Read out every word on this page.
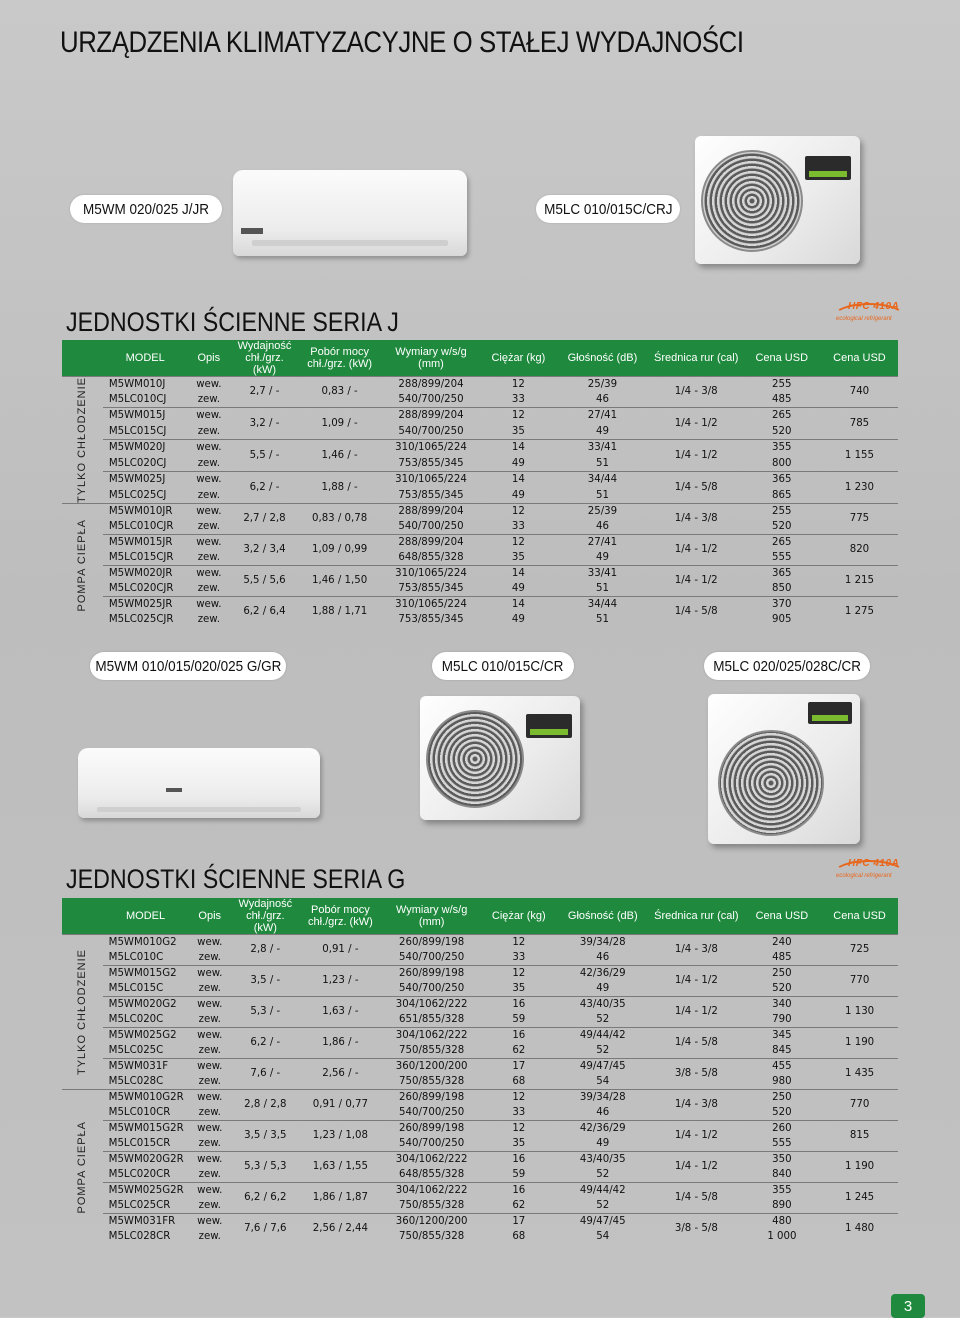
URZĄDZENIA KLIMATYZACYJNE O STAŁEJ WYDAJNOŚCI
M5WM 020/025 J/JR	M5LC 010/015C/CRJ
JEDNOSTKI ŚCIENNE SERIA J
HFC 410A
ecological refrigerant
	MODEL	Opis	Wydajność chł./grz. (kW)	Pobór mocy chł./grz. (kW)	Wymiary w/s/g (mm)	Ciężar (kg)	Głośność (dB)	Średnica rur (cal)	Cena USD	Cena USD

TYLKO CHŁODZENIE	M5WM010J	wew.	2,7 / -	0,83 / -	288/899/204	12	25/39	1/4 - 3/8	255	740
	M5LC010CJ	zew.			540/700/250	33	46		485	
	M5WM015J	wew.	3,2 / -	1,09 / -	288/899/204	12	27/41	1/4 - 1/2	265	785
	M5LC015CJ	zew.			540/700/250	35	49		520	
	M5WM020J	wew.	5,5 / -	1,46 / -	310/1065/224	14	33/41	1/4 - 1/2	355	1 155
	M5LC020CJ	zew.			753/855/345	49	51		800	
	M5WM025J	wew.	6,2 / -	1,88 / -	310/1065/224	14	34/44	1/4 - 5/8	365	1 230
	M5LC025CJ	zew.			753/855/345	49	51		865	

POMPA CIEPŁA	M5WM010JR	wew.	2,7 / 2,8	0,83 / 0,78	288/899/204	12	25/39	1/4 - 3/8	255	775
	M5LC010CJR	zew.			540/700/250	33	46		520	
	M5WM015JR	wew.	3,2 / 3,4	1,09 / 0,99	288/899/204	12	27/41	1/4 - 1/2	265	820
	M5LC015CJR	zew.			648/855/328	35	49		555	
	M5WM020JR	wew.	5,5 / 5,6	1,46 / 1,50	310/1065/224	14	33/41	1/4 - 1/2	365	1 215
	M5LC020CJR	zew.			753/855/345	49	51		850	
	M5WM025JR	wew.	6,2 / 6,4	1,88 / 1,71	310/1065/224	14	34/44	1/4 - 5/8	370	1 275
	M5LC025CJR	zew.			753/855/345	49	51		905	
M5WM 010/015/020/025 G/GR	M5LC 010/015C/CR	M5LC 020/025/028C/CR
JEDNOSTKI ŚCIENNE SERIA G
HFC 410A
ecological refrigerant
	MODEL	Opis	Wydajność chł./grz. (kW)	Pobór mocy chł./grz. (kW)	Wymiary w/s/g (mm)	Ciężar (kg)	Głośność (dB)	Średnica rur (cal)	Cena USD	Cena USD

TYLKO CHŁODZENIE	M5WM010G2	wew.	2,8 / -	0,91 / -	260/899/198	12	39/34/28	1/4 - 3/8	240	725
	M5LC010C	zew.			540/700/250	33	46		485	
	M5WM015G2	wew.	3,5 / -	1,23 / -	260/899/198	12	42/36/29	1/4 - 1/2	250	770
	M5LC015C	zew.			540/700/250	35	49		520	
	M5WM020G2	wew.	5,3 / -	1,63 / -	304/1062/222	16	43/40/35	1/4 - 1/2	340	1 130
	M5LC020C	zew.			651/855/328	59	52		790	
	M5WM025G2	wew.	6,2 / -	1,86 / -	304/1062/222	16	49/44/42	1/4 - 5/8	345	1 190
	M5LC025C	zew.			750/855/328	62	52		845	
	M5WM031F	wew.	7,6 / -	2,56 / -	360/1200/200	17	49/47/45	3/8 - 5/8	455	1 435
	M5LC028C	zew.			750/855/328	68	54		980	

POMPA CIEPŁA	M5WM010G2R	wew.	2,8 / 2,8	0,91 / 0,77	260/899/198	12	39/34/28	1/4 - 3/8	250	770
	M5LC010CR	zew.			540/700/250	33	46		520	
	M5WM015G2R	wew.	3,5 / 3,5	1,23 / 1,08	260/899/198	12	42/36/29	1/4 - 1/2	260	815
	M5LC015CR	zew.			540/700/250	35	49		555	
	M5WM020G2R	wew.	5,3 / 5,3	1,63 / 1,55	304/1062/222	16	43/40/35	1/4 - 1/2	350	1 190
	M5LC020CR	zew.			648/855/328	59	52		840	
	M5WM025G2R	wew.	6,2 / 6,2	1,86 / 1,87	304/1062/222	16	49/44/42	1/4 - 5/8	355	1 245
	M5LC025CR	zew.			750/855/328	62	52		890	
	M5WM031FR	wew.	7,6 / 7,6	2,56 / 2,44	360/1200/200	17	49/47/45	3/8 - 5/8	480	1 480
	M5LC028CR	zew.			750/855/328	68	54		1 000	
3
